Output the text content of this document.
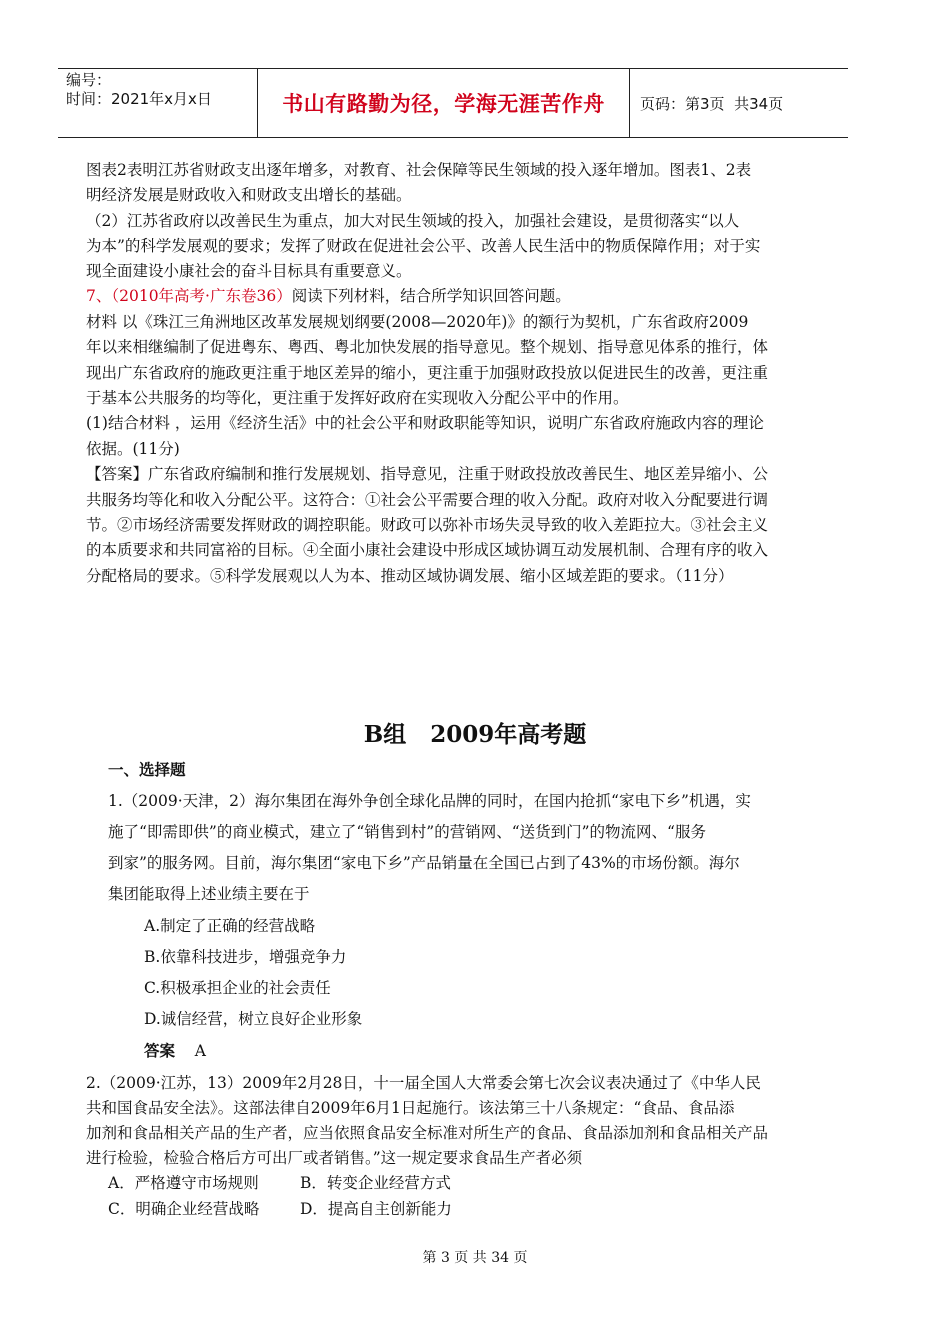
编号：
时间：2021年x月x日	书山有路勤为径，学海无涯苦作舟	页码：第3页  共34页
图表2表明江苏省财政支出逐年增多，对教育、社会保障等民生领域的投入逐年增加。图表1、2表
明经济发展是财政收入和财政支出增长的基础。
（2）江苏省政府以改善民生为重点，加大对民生领域的投入，加强社会建设，是贯彻落实“以人
为本”的科学发展观的要求；发挥了财政在促进社会公平、改善人民生活中的物质保障作用；对于实
现全面建设小康社会的奋斗目标具有重要意义。
7、（2010年高考·广东卷36）阅读下列材料，结合所学知识回答问题。
材料 以《珠江三角洲地区改革发展规划纲要(2008—2020年)》的额行为契机，广东省政府2009
年以来相继编制了促进粤东、粤西、粤北加快发展的指导意见。整个规划、指导意见体系的推行，体
现出广东省政府的施政更注重于地区差异的缩小，更注重于加强财政投放以促进民生的改善，更注重
于基本公共服务的均等化，更注重于发挥好政府在实现收入分配公平中的作用。
(1)结合材料 ，运用《经济生活》中的社会公平和财政职能等知识，说明广东省政府施政内容的理论
依据。(11分)
【答案】广东省政府编制和推行发展规划、指导意见，注重于财政投放改善民生、地区差异缩小、公
共服务均等化和收入分配公平。这符合：①社会公平需要合理的收入分配。政府对收入分配要进行调
节。②市场经济需要发挥财政的调控职能。财政可以弥补市场失灵导致的收入差距拉大。③社会主义
的本质要求和共同富裕的目标。④全面小康社会建设中形成区域协调互动发展机制、合理有序的收入
分配格局的要求。⑤科学发展观以人为本、推动区域协调发展、缩小区域差距的要求。（11分）
B组   2009年高考题
一、选择题
1.（2009·天津，2）海尔集团在海外争创全球化品牌的同时，在国内抢抓“家电下乡”机遇，实
施了“即需即供”的商业模式，建立了“销售到村”的营销网、“送货到门”的物流网、“服务
到家”的服务网。目前，海尔集团“家电下乡”产品销量在全国已占到了43%的市场份额。海尔
集团能取得上述业绩主要在于
A.制定了正确的经营战略
B.依靠科技进步，增强竞争力
C.积极承担企业的社会责任
D.诚信经营，树立良好企业形象
答案 A
2.（2009·江苏，13）2009年2月28日，十一届全国人大常委会第七次会议表决通过了《中华人民
共和国食品安全法》。这部法律自2009年6月1日起施行。该法第三十八条规定：“食品、食品添
加剂和食品相关产品的生产者，应当依照食品安全标准对所生产的食品、食品添加剂和食品相关产品
进行检验，检验合格后方可出厂或者销售。”这一规定要求食品生产者必须
A．严格遵守市场规则	B．转变企业经营方式
C．明确企业经营战略	D．提高自主创新能力
第 3 页 共 34 页
